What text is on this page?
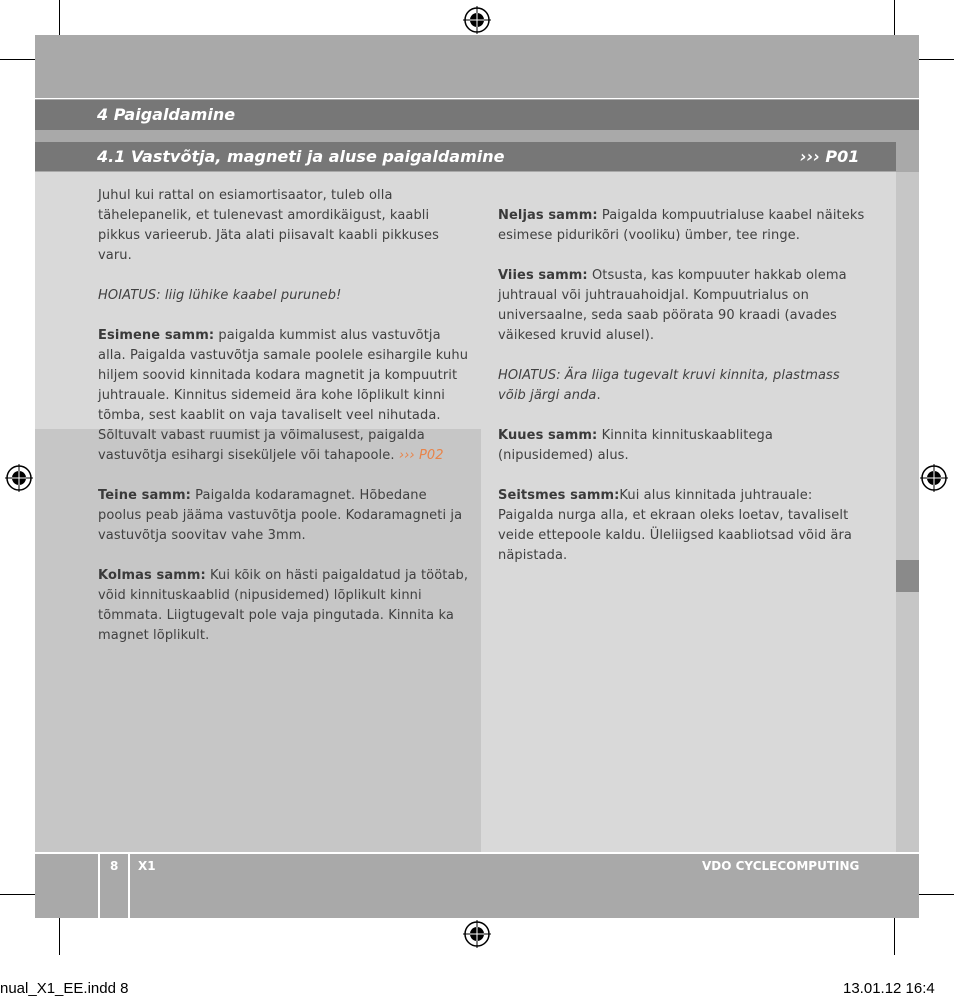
4 Paigaldamine
4.1 Vastvõtja, magneti ja aluse paigaldamine	››› P01

Juhul kui rattal on esiamortisaator, tuleb olla tähelepanelik, et tulenevast amordikäigust, kaabli pikkus varieerub. Jäta alati piisavalt kaabli pikkuses varu.

HOIATUS: liig lühike kaabel puruneb!

Esimene samm: paigalda kummist alus vastuvõtja alla. Paigalda vastuvõtja samale poolele esihargile kuhu hiljem soovid kinnitada kodara magnetit ja kompuutrit juhtrauale. Kinnitus sidemeid ära kohe lõplikult kinni tõmba, sest kaablit on vaja tavaliselt veel nihutada. Sõltuvalt vabast ruumist ja võimalusest, paigalda vastuvõtja esihargi siseküljele või tahapoole. ››› P02

Teine samm: Paigalda kodaramagnet. Hõbedane poolus peab jääma vastuvõtja poole. Kodaramagneti ja vastuvõtja soovitav vahe 3mm.

Kolmas samm: Kui kõik on hästi paigaldatud ja töötab, võid kinnituskaablid (nipusidemed) lõplikult kinni tõmmata. Liigtugevalt pole vaja pingutada. Kinnita ka magnet lõplikult.

Neljas samm: Paigalda kompuutrialuse kaabel näiteks esimese pidurikõri (vooliku) ümber, tee ringe.

Viies samm: Otsusta, kas kompuuter hakkab olema juhtraual või juhtrauahoidjal. Kompuutrialus on universaalne, seda saab pöörata 90 kraadi (avades väikesed kruvid alusel).

HOIATUS: Ära liiga tugevalt kruvi kinnita, plastmass võib järgi anda.

Kuues samm: Kinnita kinnituskaablitega (nipusidemed) alus.

Seitsmes samm:Kui alus kinnitada juhtrauale: Paigalda nurga alla, et ekraan oleks loetav, tavaliselt veide ettepoole kaldu. Üleliigsed kaabliotsad võid ära näpistada.

8 X1	VDO CYCLECOMPUTING
nual_X1_EE.indd 8	13.01.12 16:4
